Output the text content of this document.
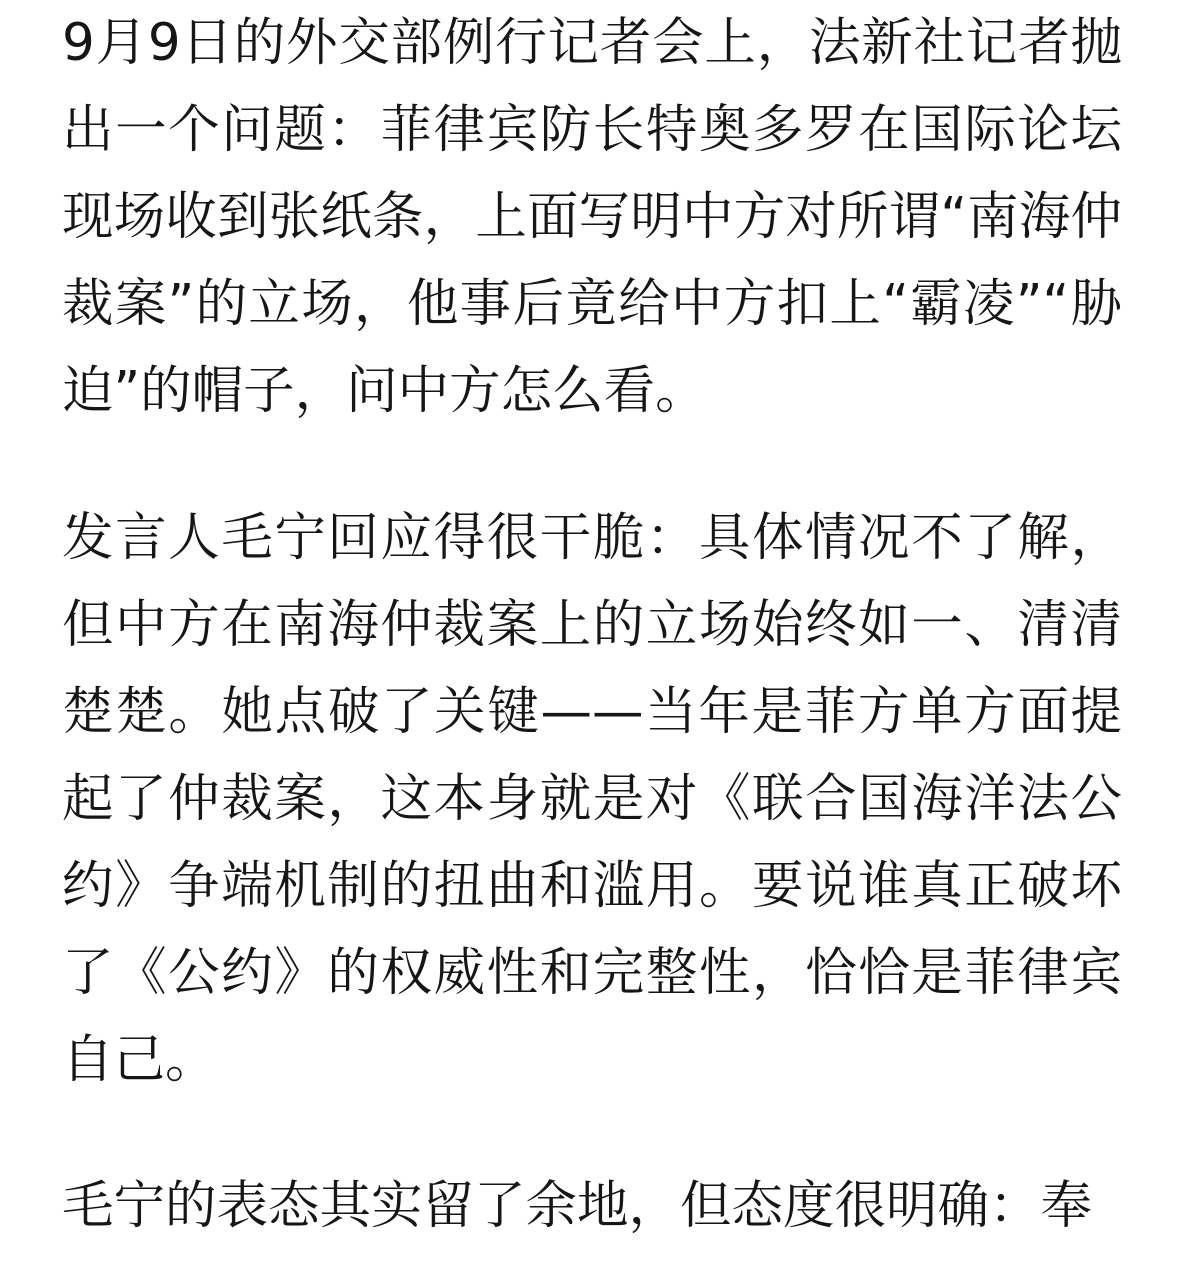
9月9日的外交部例行记者会上，法新社记者抛出一个问题：菲律宾防长特奥多罗在国际论坛现场收到张纸条，上面写明中方对所谓“南海仲裁案”的立场，他事后竟给中方扣上“霸凌”“胁迫”的帽子，问中方怎么看。

发言人毛宁回应得很干脆：具体情况不了解，但中方在南海仲裁案上的立场始终如一、清清楚楚。她点破了关键——当年是菲方单方面提起了仲裁案，这本身就是对《联合国海洋法公约》争端机制的扭曲和滥用。要说谁真正破坏了《公约》的权威性和完整性，恰恰是菲律宾自己。

毛宁的表态其实留了余地，但态度很明确：奉
